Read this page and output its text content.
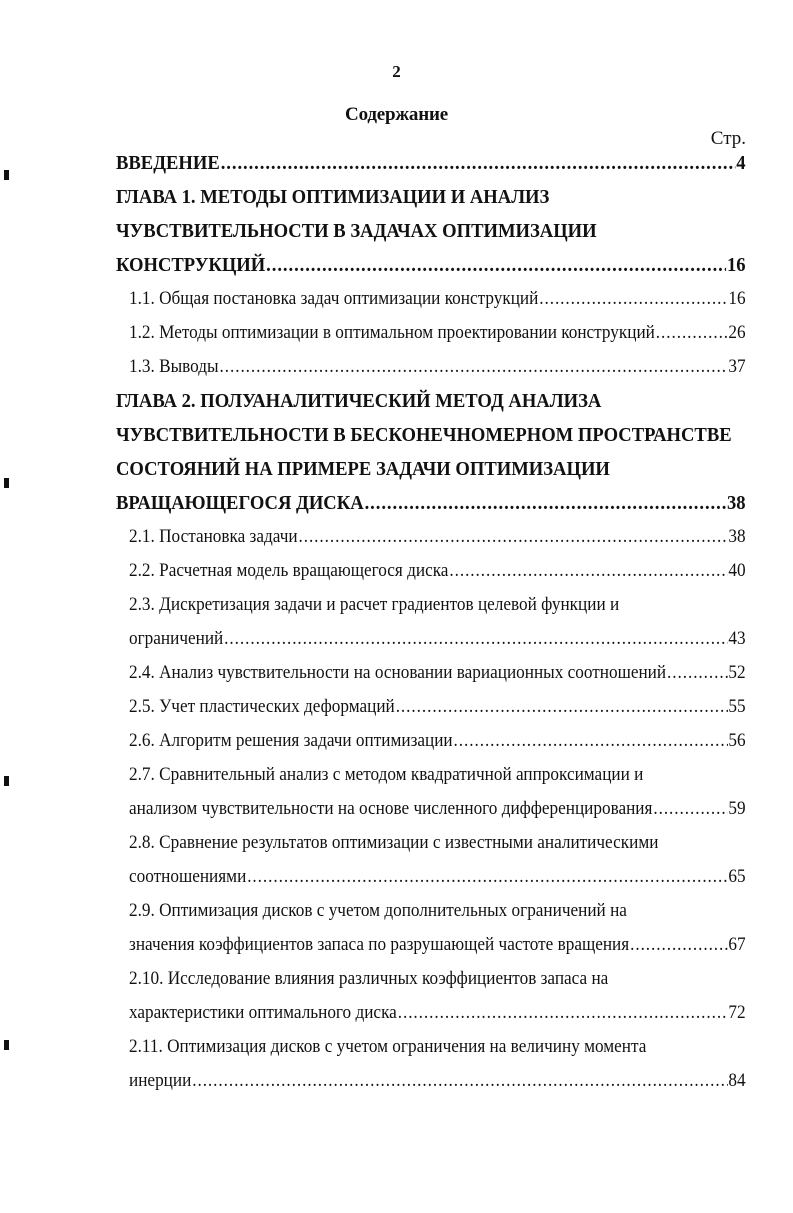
2
Содержание
Стр.
ВВЕДЕНИЕ .....	4
ГЛАВА 1. МЕТОДЫ ОПТИМИЗАЦИИ И АНАЛИЗ
ЧУВСТВИТЕЛЬНОСТИ В ЗАДАЧАХ ОПТИМИЗАЦИИ
КОНСТРУКЦИЙ .....	16
1.1. Общая постановка задач оптимизации конструкций .....	16
1.2. Методы оптимизации в оптимальном проектировании конструкций .....	26
1.3. Выводы .....	37
ГЛАВА 2. ПОЛУАНАЛИТИЧЕСКИЙ МЕТОД АНАЛИЗА
ЧУВСТВИТЕЛЬНОСТИ В БЕСКОНЕЧНОМЕРНОМ ПРОСТРАНСТВЕ
СОСТОЯНИЙ НА ПРИМЕРЕ ЗАДАЧИ ОПТИМИЗАЦИИ
ВРАЩАЮЩЕГОСЯ ДИСКА .....	38
2.1. Постановка задачи .....	38
2.2. Расчетная модель вращающегося диска .....	40
2.3. Дискретизация задачи и расчет градиентов целевой функции и
ограничений .....	43
2.4. Анализ чувствительности на основании вариационных соотношений .....	52
2.5. Учет пластических деформаций .....	55
2.6. Алгоритм решения задачи оптимизации .....	56
2.7. Сравнительный анализ с методом квадратичной аппроксимации и
анализом чувствительности на основе численного дифференцирования .....	59
2.8. Сравнение результатов оптимизации с известными аналитическими
соотношениями .....	65
2.9. Оптимизация дисков с учетом дополнительных ограничений на
значения коэффициентов запаса по разрушающей частоте вращения .....	67
2.10. Исследование влияния различных коэффициентов запаса на
характеристики оптимального диска .....	72
2.11. Оптимизация дисков с учетом ограничения на величину момента
инерции .....	84
